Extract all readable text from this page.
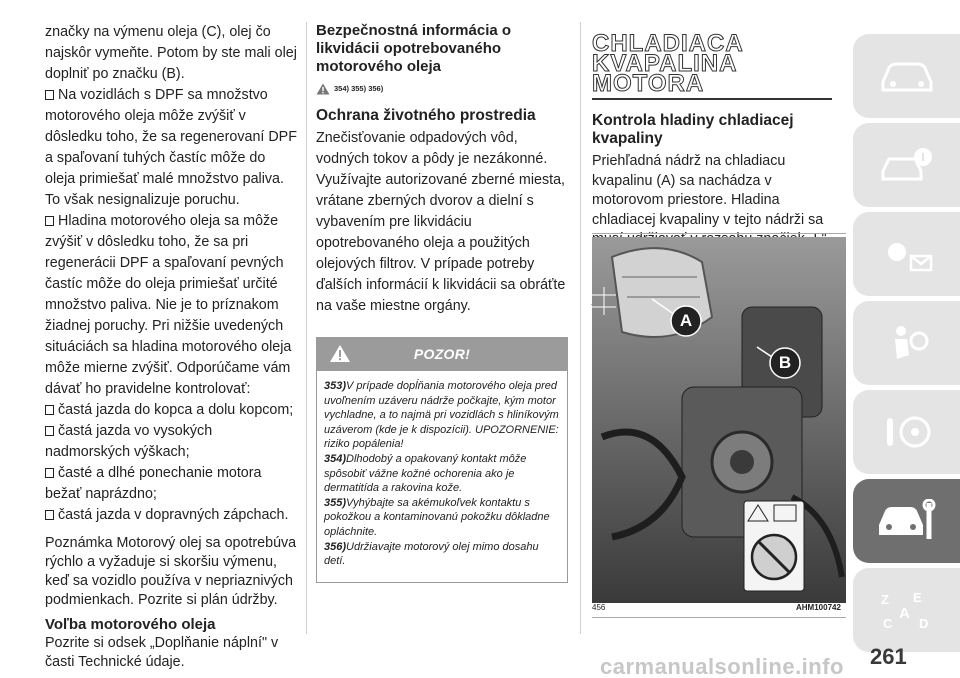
značky na výmenu oleja (C), olej čo najskôr vymeňte. Potom by ste mali olej doplniť po značku (B).

Na vozidlách s DPF sa množstvo motorového oleja môže zvýšiť v dôsledku toho, že sa regenerovaní DPF a spaľovaní tuhých častíc môže do oleja primiešať malé množstvo paliva. To však nesignalizuje poruchu.

Hladina motorového oleja sa môže zvýšiť v dôsledku toho, že sa pri regenerácii DPF a spaľovaní pevných častíc môže do oleja primiešať určité množstvo paliva. Nie je to príznakom žiadnej poruchy. Pri nižšie uvedených situáciách sa hladina motorového oleja môže mierne zvýšiť. Odporúčame vám dávať ho pravidelne kontrolovať:

častá jazda do kopca a dolu kopcom;

častá jazda vo vysokých nadmorských výškach;

časté a dlhé ponechanie motora bežať naprázdno;

častá jazda v dopravných zápchach.

Poznámka Motorový olej sa opotrebúva rýchlo a vyžaduje si skoršiu výmenu, keď sa vozidlo používa v nepriaznivých podmienkach. Pozrite si plán údržby.

Voľba motorového oleja

Pozrite si odsek „Doplňanie náplní" v časti Technické údaje.

Bezpečnostná informácia o likvidácii opotrebovaného motorového oleja
354) 355) 356)
Ochrana životného prostredia

Znečisťovanie odpadových vôd, vodných tokov a pôdy je nezákonné. Využívajte autorizované zberné miesta, vrátane zberných dvorov a dielní s vybavením pre likvidáciu opotrebovaného oleja a použitých olejových filtrov. V prípade potreby ďalších informácií k likvidácii sa obráťte na vaše miestne orgány.

POZOR!

353)V prípade dopĺňania motorového oleja pred uvoľnením uzáveru nádrže počkajte, kým motor vychladne, a to najmä pri vozidlách s hliníkovým uzáverom (kde je k dispozícii). UPOZORNENIE: riziko popálenia!

354)Dlhodobý a opakovaný kontakt môže spôsobiť vážne kožné ochorenia ako je dermatitída a rakovina kože.

355)Vyhýbajte sa akémukoľvek kontaktu s pokožkou a kontaminovanú pokožku dôkladne opláchnite.

356)Udržiavajte motorový olej mimo dosahu detí.

CHLADIACA
KVAPALINA MOTORA
Kontrola hladiny chladiacej kvapaliny

Priehľadná nádrž na chladiacu kvapalinu (A) sa nachádza v motorovom priestore. Hladina chladiacej kvapaliny v tejto nádrži sa

A
B
456	AHM100742
Z E
A
C D
261
carmanualsonline.info
